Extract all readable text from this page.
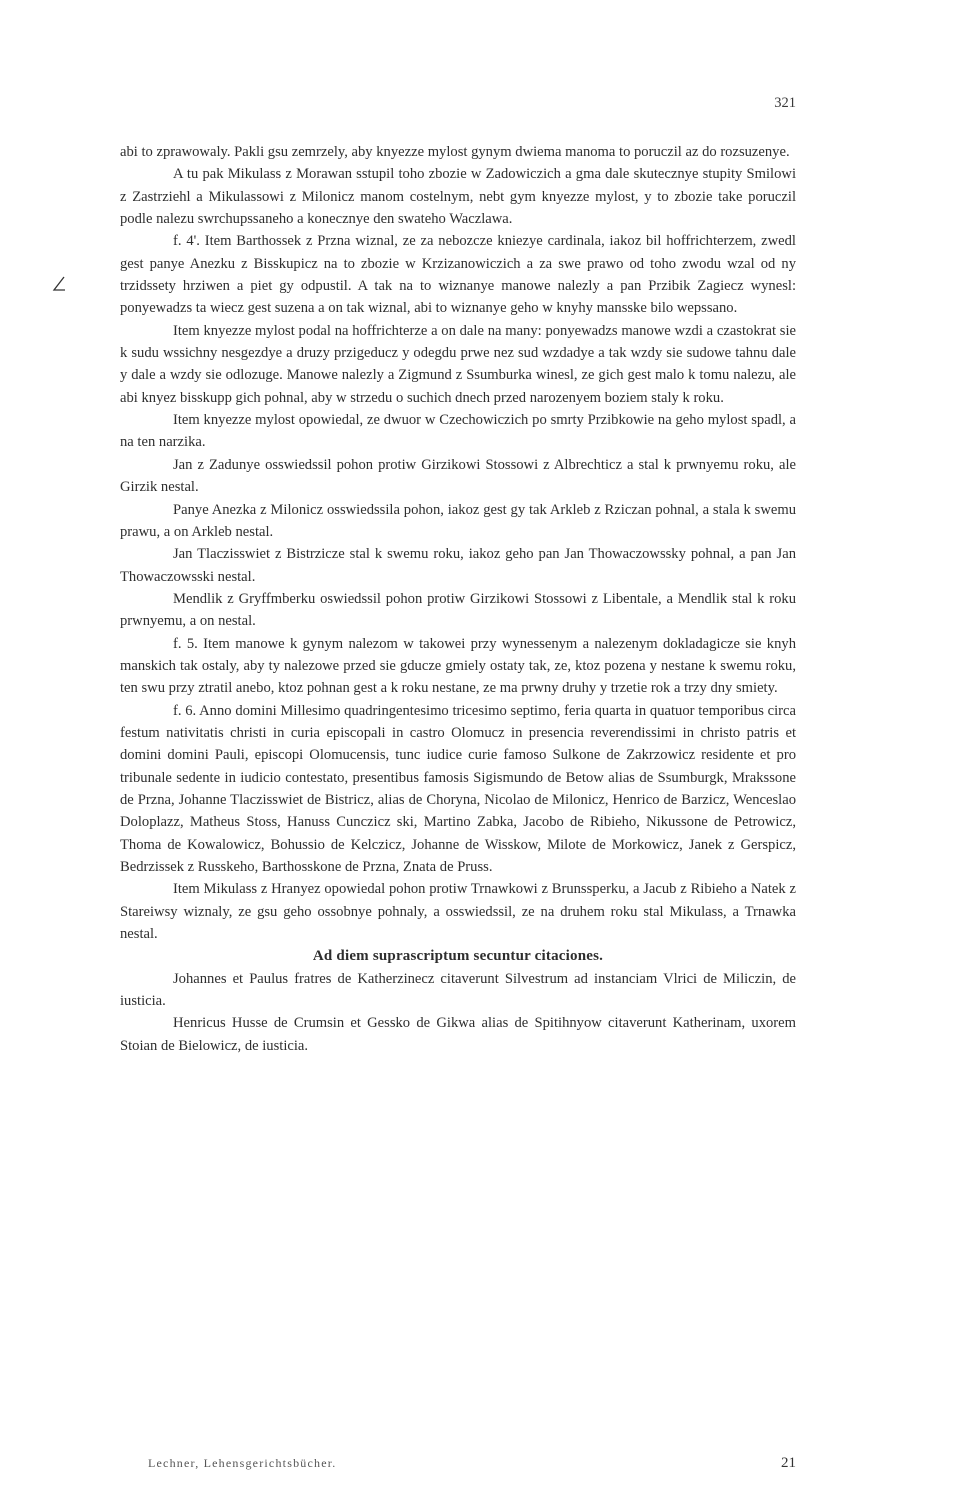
321

abi to zprawowaly. Pakli gsu zemrzely, aby knyezze mylost gynym dwiema manoma to poruczil az do rozsuzenye.

A tu pak Mikulass z Morawan sstupil toho zbozie w Zadowiczich a gma dale skutecznye stupity Smilowi z Zastrziehl a Mikulassowi z Milonicz manom costelnym, nebt gym knyezze mylost, y to zbozie take poruczil podle nalezu swrchupssaneho a konecznye den swateho Waczlawa.

f. 4'. Item Barthossek z Przna wiznal, ze za nebozcze kniezye cardinala, iakoz bil hoffrichterzem, zwedl gest panye Anezku z Bisskupicz na to zbozie w Krzizanowiczich a za swe prawo od toho zwodu wzal od ny trzidssety hrziwen a piet gy odpustil. A tak na to wiznanye manowe nalezly a pan Przibik Zagiecz wynesl: ponyewadzs ta wiecz gest suzena a on tak wiznal, abi to wiznanye geho w knyhy mansske bilo wepssano.

Item knyezze mylost podal na hoffrichterze a on dale na many: ponyewadzs manowe wzdi a czastokrat sie k sudu wssichny nesgezdye a druzy przigeducz y odegdu prwe nez sud wzdadye a tak wzdy sie sudowe tahnu dale y dale a wzdy sie odlozuge. Manowe nalezly a Zigmund z Ssumburka winesl, ze gich gest malo k tomu nalezu, ale abi knyez bisskupp gich pohnal, aby w strzedu o suchich dnech przed narozenyem boziem staly k roku.

Item knyezze mylost opowiedal, ze dwuor w Czechowiczich po smrty Przibkowie na geho mylost spadl, a na ten narzika.

Jan z Zadunye osswiedssil pohon protiw Girzikowi Stossowi z Albrechticz a stal k prwnyemu roku, ale Girzik nestal.

Panye Anezka z Milonicz osswiedssila pohon, iakoz gest gy tak Arkleb z Rziczan pohnal, a stala k swemu prawu, a on Arkleb nestal.

Jan Tlaczisswiet z Bistrzicze stal k swemu roku, iakoz geho pan Jan Thowaczowssky pohnal, a pan Jan Thowaczowsski nestal.

Mendlik z Gryffmberku oswiedssil pohon protiw Girzikowi Stossowi z Libentale, a Mendlik stal k roku prwnyemu, a on nestal.

f. 5. Item manowe k gynym nalezom w takowei przy wynessenym a nalezenym dokladagicze sie knyh manskich tak ostaly, aby ty nalezowe przed sie gducze gmiely ostaty tak, ze, ktoz pozena y nestane k swemu roku, ten swu przy ztratil anebo, ktoz pohnan gest a k roku nestane, ze ma prwny druhy y trzetie rok a trzy dny smiety.

f. 6. Anno domini Millesimo quadringentesimo tricesimo septimo, feria quarta in quatuor temporibus circa festum nativitatis christi in curia episcopali in castro Olomucz in presencia reverendissimi in christo patris et domini domini Pauli, episcopi Olomucensis, tunc iudice curie famoso Sulkone de Zakrzowicz residente et pro tribunale sedente in iudicio contestato, presentibus famosis Sigismundo de Betow alias de Ssumburgk, Mrakssone de Przna, Johanne Tlaczisswiet de Bistricz, alias de Choryna, Nicolao de Milonicz, Henrico de Barzicz, Wenceslao Doloplazz, Matheus Stoss, Hanuss Cunczicz ski, Martino Zabka, Jacobo de Ribieho, Nikussone de Petrowicz, Thoma de Kowalowicz, Bohussio de Kelczicz, Johanne de Wisskow, Milote de Morkowicz, Janek z Gerspicz, Bedrzissek z Russkeho, Barthosskone de Przna, Znata de Pruss.

Item Mikulass z Hranyez opowiedal pohon protiw Trnawkowi z Brunssperku, a Jacub z Ribieho a Natek z Stareiwsy wiznaly, ze gsu geho ossobnye pohnaly, a osswiedssil, ze na druhem roku stal Mikulass, a Trnawka nestal.

Ad diem suprascriptum secuntur citaciones.

Johannes et Paulus fratres de Katherzinecz citaverunt Silvestrum ad instanciam Vlrici de Miliczin, de iusticia.

Henricus Husse de Crumsin et Gessko de Gikwa alias de Spitihnyow citaverunt Katherinam, uxorem Stoian de Bielowicz, de iusticia.

Lechner, Lehensgerichtsbücher.	21
